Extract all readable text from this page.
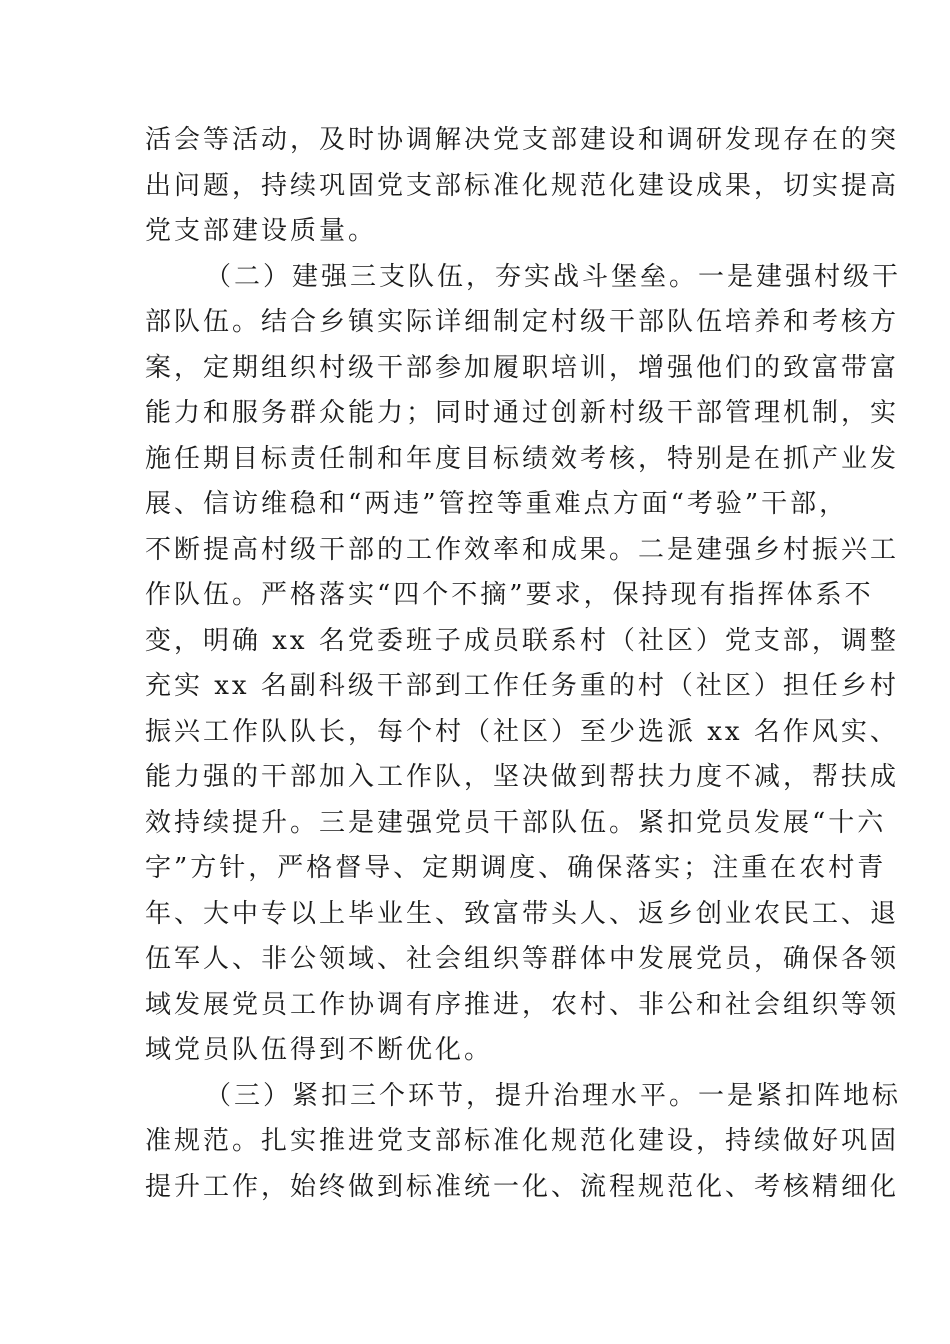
活会等活动，及时协调解决党支部建设和调研发现存在的突
出问题，持续巩固党支部标准化规范化建设成果，切实提高
党支部建设质量。
（二）建强三支队伍，夯实战斗堡垒。一是建强村级干
部队伍。结合乡镇实际详细制定村级干部队伍培养和考核方
案，定期组织村级干部参加履职培训，增强他们的致富带富
能力和服务群众能力；同时通过创新村级干部管理机制，实
施任期目标责任制和年度目标绩效考核，特别是在抓产业发
展、信访维稳和“两违”管控等重难点方面“考验”干部，
不断提高村级干部的工作效率和成果。二是建强乡村振兴工
作队伍。严格落实“四个不摘”要求，保持现有指挥体系不
变，明确 xx 名党委班子成员联系村（社区）党支部，调整
充实 xx 名副科级干部到工作任务重的村（社区）担任乡村
振兴工作队队长，每个村（社区）至少选派 xx 名作风实、
能力强的干部加入工作队，坚决做到帮扶力度不减，帮扶成
效持续提升。三是建强党员干部队伍。紧扣党员发展“十六
字”方针，严格督导、定期调度、确保落实；注重在农村青
年、大中专以上毕业生、致富带头人、返乡创业农民工、退
伍军人、非公领域、社会组织等群体中发展党员，确保各领
域发展党员工作协调有序推进，农村、非公和社会组织等领
域党员队伍得到不断优化。
（三）紧扣三个环节，提升治理水平。一是紧扣阵地标
准规范。扎实推进党支部标准化规范化建设，持续做好巩固
提升工作，始终做到标准统一化、流程规范化、考核精细化
